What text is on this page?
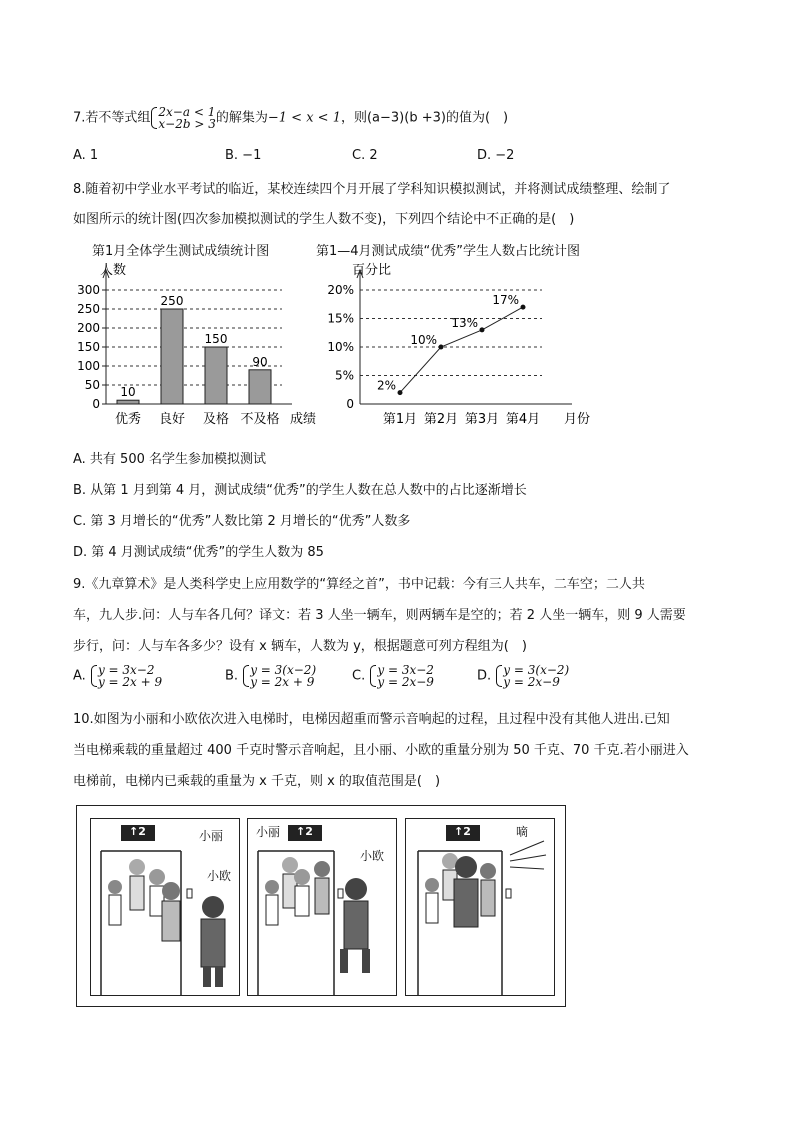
7.若不等式组 2x−a < 1
x−2b > 3的解集为−1 < x < 1，则(a−3)(b +3)的值为(　)
A. 1	B. −1	C. 2	D. −2
8.随着初中学业水平考试的临近，某校连续四个月开展了学科知识模拟测试，并将测试成绩整理、绘制了
如图所示的统计图(四次参加模拟测试的学生人数不变)，下列四个结论中不正确的是(　)
第1月全体学生测试成绩统计图
0
50
100
150
200
250
300
人数
成绩
10
优秀
250
良好
150
及格
90
不及格
第1—4月测试成绩“优秀”学生人数占比统计图
0
5%
10%
15%
20%
百分比
月份
2%
第1月
10%
第2月
13%
第3月
17%
第4月
A. 共有 500 名学生参加模拟测试
B. 从第 1 月到第 4 月，测试成绩“优秀”的学生人数在总人数中的占比逐渐增长
C. 第 3 月增长的“优秀”人数比第 2 月增长的“优秀”人数多
D. 第 4 月测试成绩“优秀”的学生人数为 85
9.《九章算术》是人类科学史上应用数学的“算经之首”，书中记载：今有三人共车，二车空；二人共
车，九人步.问：人与车各几何？译文：若 3 人坐一辆车，则两辆车是空的；若 2 人坐一辆车，则 9 人需要
步行，问：人与车各多少？设有 x 辆车，人数为 y，根据题意可列方程组为(　)
A. y = 3x−2
y = 2x + 9	B. y = 3(x−2)
y = 2x + 9	C. y = 3x−2
y = 2x−9	D. y = 3(x−2)
y = 2x−9
10.如图为小丽和小欧依次进入电梯时，电梯因超重而警示音响起的过程，且过程中没有其他人进出.已知
当电梯乘载的重量超过 400 千克时警示音响起，且小丽、小欧的重量分别为 50 千克、70 千克.若小丽进入
电梯前，电梯内已乘载的重量为 x 千克，则 x 的取值范围是(　)
↑2	小丽
小欧
↑2
小丽
小欧
↑2	嘀
